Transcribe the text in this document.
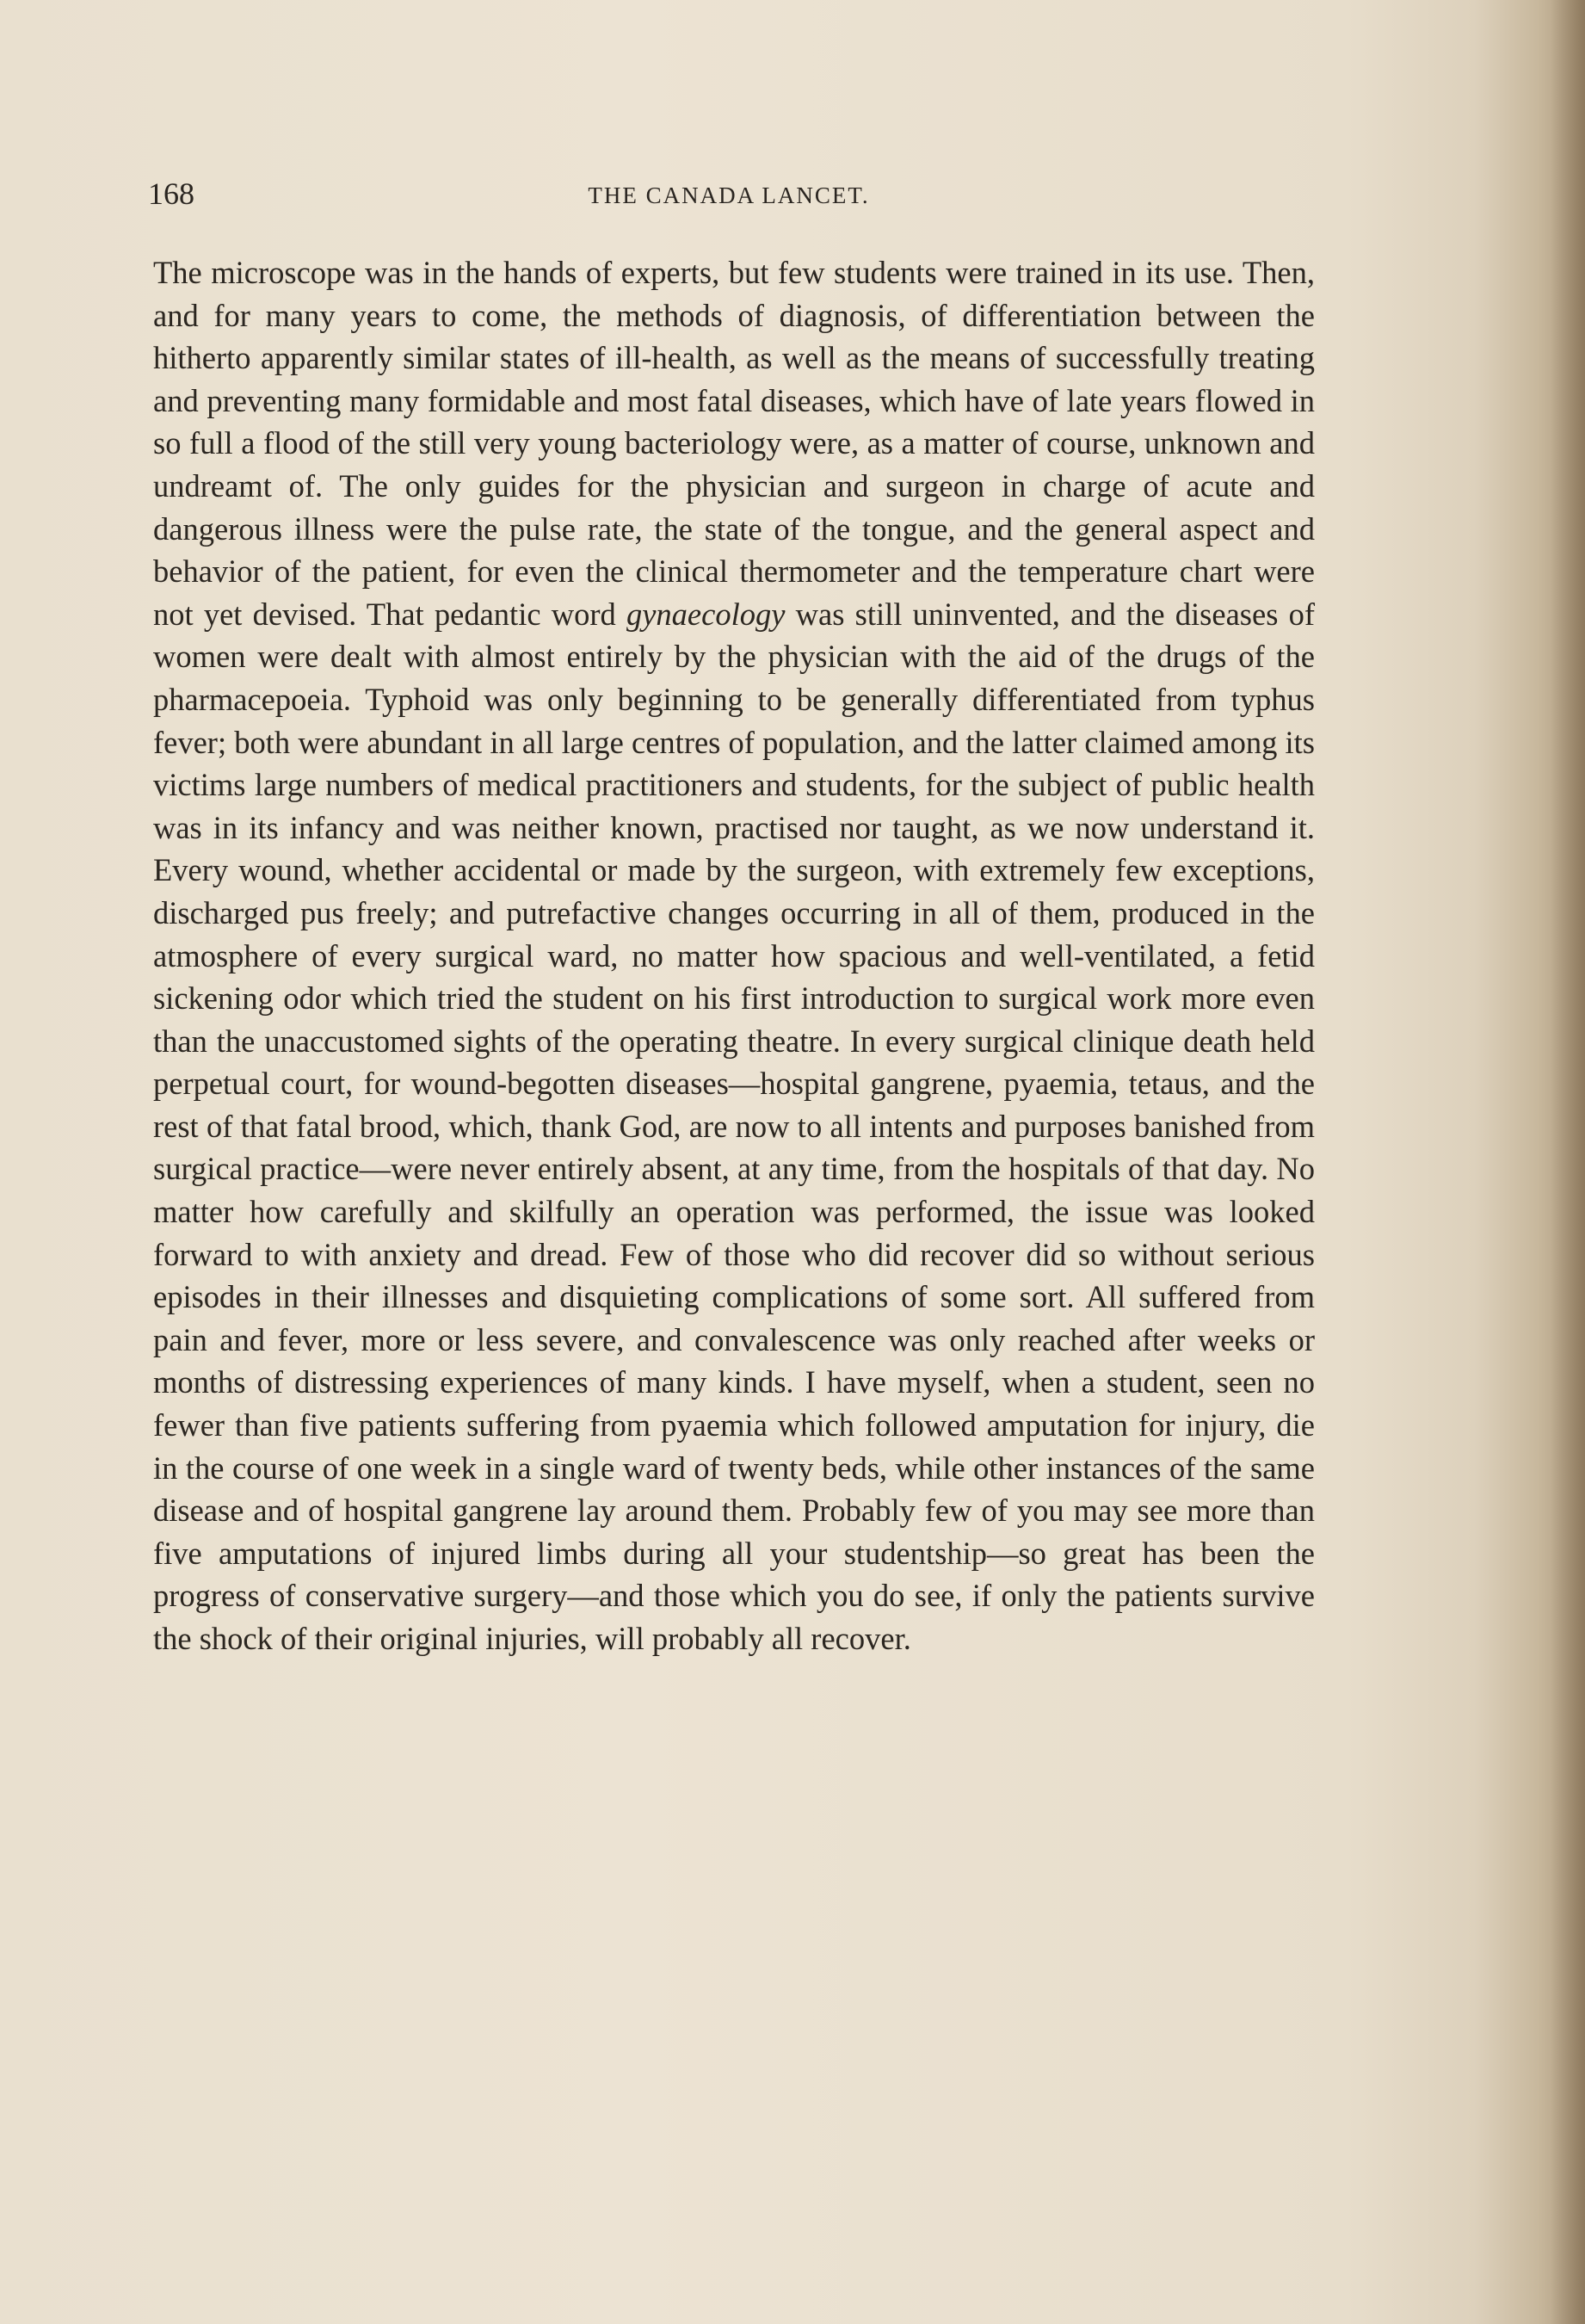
168	THE CANADA LANCET.

The microscope was in the hands of experts, but few students were trained in its use. Then, and for many years to come, the methods of diagnosis, of differentiation between the hitherto apparently similar states of ill-health, as well as the means of successfully treating and preventing many formidable and most fatal diseases, which have of late years flowed in so full a flood of the still very young bacteriology were, as a matter of course, unknown and undreamt of. The only guides for the physician and surgeon in charge of acute and dangerous illness were the pulse rate, the state of the tongue, and the general aspect and behavior of the patient, for even the clinical thermometer and the temperature chart were not yet devised. That pedantic word gynaecology was still uninvented, and the diseases of women were dealt with almost entirely by the physician with the aid of the drugs of the pharmacepoeia. Typhoid was only beginning to be generally differentiated from typhus fever; both were abundant in all large centres of population, and the latter claimed among its victims large numbers of medical practitioners and students, for the subject of public health was in its infancy and was neither known, practised nor taught, as we now understand it. Every wound, whether accidental or made by the surgeon, with extremely few exceptions, discharged pus freely; and putrefactive changes occurring in all of them, produced in the atmosphere of every surgical ward, no matter how spacious and well-ventilated, a fetid sickening odor which tried the student on his first introduction to surgical work more even than the unaccustomed sights of the operating theatre. In every surgical clinique death held perpetual court, for wound-begotten diseases—hospital gangrene, pyaemia, tetaus, and the rest of that fatal brood, which, thank God, are now to all intents and purposes banished from surgical practice—were never entirely absent, at any time, from the hospitals of that day. No matter how carefully and skilfully an operation was performed, the issue was looked forward to with anxiety and dread. Few of those who did recover did so without serious episodes in their illnesses and disquieting complications of some sort. All suffered from pain and fever, more or less severe, and convalescence was only reached after weeks or months of distressing experiences of many kinds. I have myself, when a student, seen no fewer than five patients suffering from pyaemia which followed amputation for injury, die in the course of one week in a single ward of twenty beds, while other instances of the same disease and of hospital gangrene lay around them. Probably few of you may see more than five amputations of injured limbs during all your studentship—so great has been the progress of conservative surgery—and those which you do see, if only the patients survive the shock of their original injuries, will probably all recover.
